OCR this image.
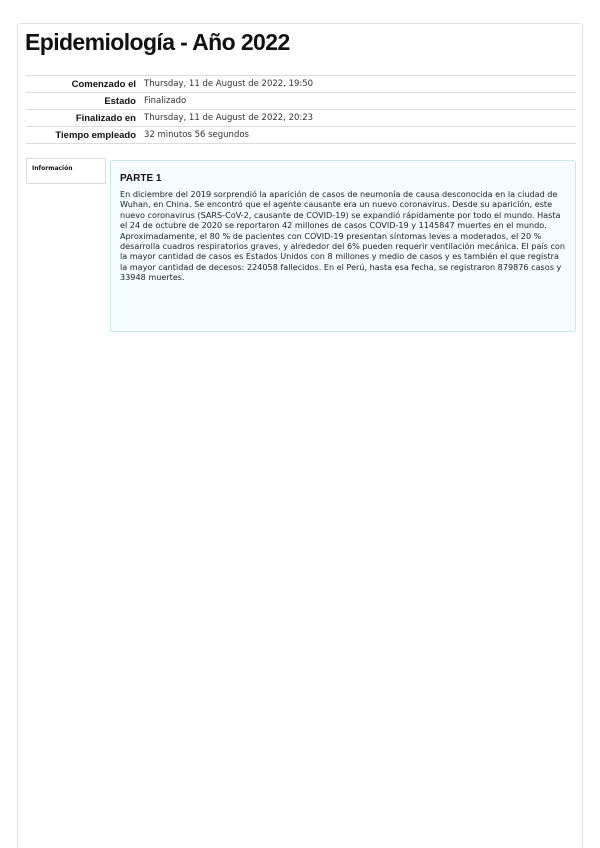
Epidemiología - Año 2022
Comenzado el	Thursday, 11 de August de 2022, 19:50
Estado	Finalizado
Finalizado en	Thursday, 11 de August de 2022, 20:23
Tiempo empleado	32 minutos 56 segundos
Información

PARTE 1

En diciembre del 2019 sorprendió la aparición de casos de neumonía de causa desconocida en la ciudad de Wuhan, en China. Se encontró que el agente causante era un nuevo coronavirus. Desde su aparición, este nuevo coronavirus (SARS-CoV-2, causante de COVID-19) se expandió rápidamente por todo el mundo. Hasta el 24 de octubre de 2020 se reportaron 42 millones de casos COVID-19 y 1145847 muertes en el mundo. Aproximadamente, el 80 % de pacientes con COVID-19 presentan síntomas leves a moderados, el 20 % desarrolla cuadros respiratorios graves, y alrededor del 6% pueden requerir ventilación mecánica. El país con la mayor cantidad de casos es Estados Unidos con 8 millones y medio de casos y es también el que registra la mayor cantidad de decesos: 224058 fallecidos. En el Perú, hasta esa fecha, se registraron 879876 casos y 33948 muertes.
